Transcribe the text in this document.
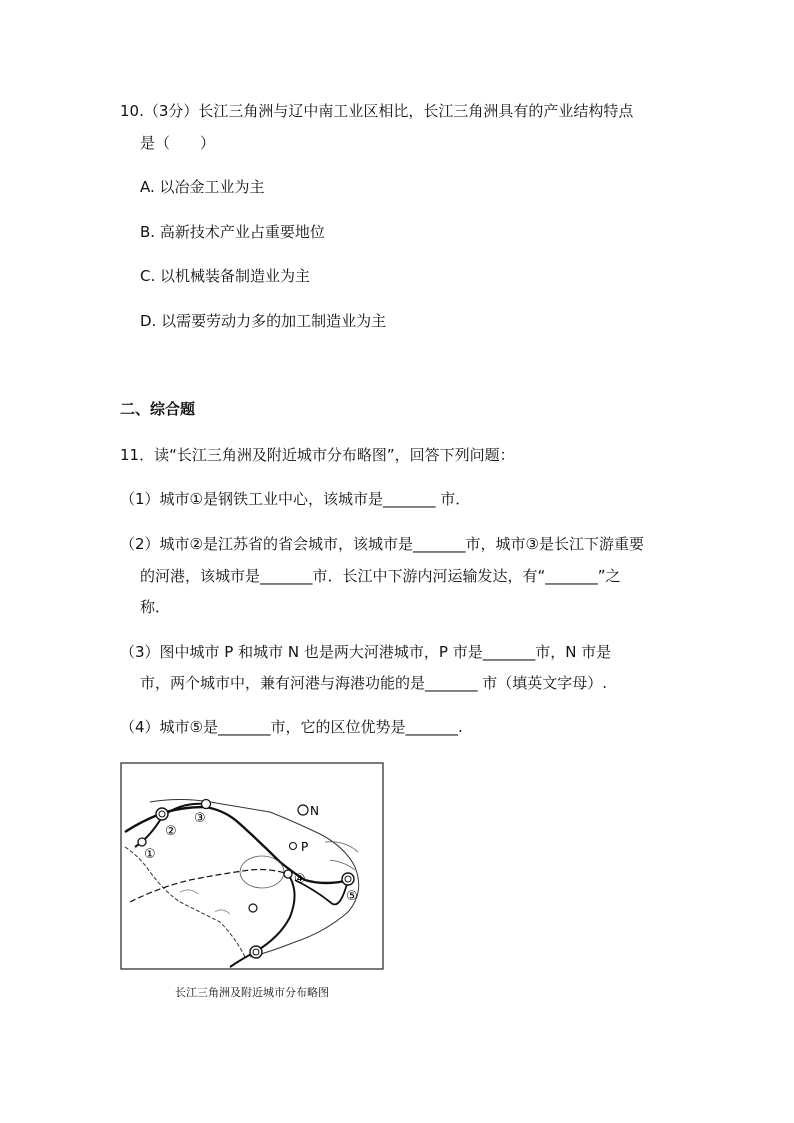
10.（3分）长江三角洲与辽中南工业区相比，长江三角洲具有的产业结构特点
是（　　）
A. 以冶金工业为主
B. 高新技术产业占重要地位
C. 以机械装备制造业为主
D. 以需要劳动力多的加工制造业为主
二、综合题
11．读“长江三角洲及附近城市分布略图”，回答下列问题：
（1）城市①是钢铁工业中心，该城市是_______ 市．
（2）城市②是江苏省的省会城市，该城市是_______市，城市③是长江下游重要
的河港，该城市是_______市．长江中下游内河运输发达，有“_______”之
称．
（3）图中城市 P 和城市 N 也是两大河港城市，P 市是_______市，N 市是
市，两个城市中，兼有河港与海港功能的是_______ 市（填英文字母）.
（4）城市⑤是_______市，它的区位优势是_______.
②
③
①
N
P
④
⑤
长江三角洲及附近城市分布略图
